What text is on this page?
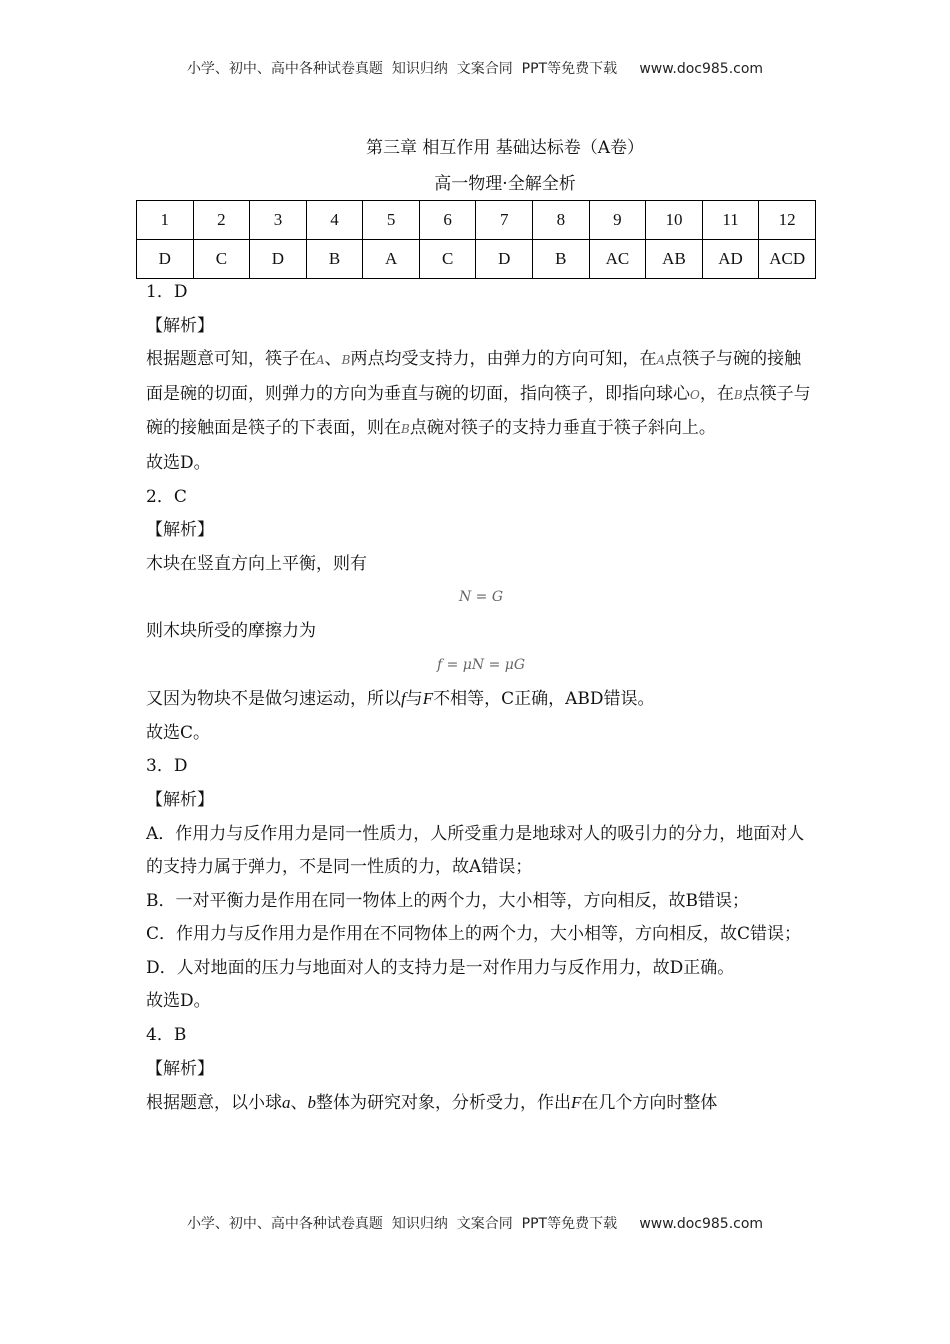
小学、初中、高中各种试卷真题  知识归纳  文案合同  PPT等免费下载     www.doc985.com
第三章 相互作用 基础达标卷（A卷）
高一物理·全解全析
1	2	3	4	5	6	7	8	9	10	11	12
D	C	D	B	A	C	D	B	AC	AB	AD	ACD

1．D

【解析】

根据题意可知，筷子在A、B两点均受支持力，由弹力的方向可知，在A点筷子与碗的接触面是碗的切面，则弹力的方向为垂直与碗的切面，指向筷子，即指向球心O，在B点筷子与碗的接触面是筷子的下表面，则在B点碗对筷子的支持力垂直于筷子斜向上。

故选D。

2．C

【解析】

木块在竖直方向上平衡，则有

N = G

则木块所受的摩擦力为

f = μN = μG

又因为物块不是做匀速运动，所以f与F不相等，C正确，ABD错误。

故选C。

3．D

【解析】

A．作用力与反作用力是同一性质力，人所受重力是地球对人的吸引力的分力，地面对人的支持力属于弹力，不是同一性质的力，故A错误；

B．一对平衡力是作用在同一物体上的两个力，大小相等，方向相反，故B错误；

C．作用力与反作用力是作用在不同物体上的两个力，大小相等，方向相反，故C错误；

D．人对地面的压力与地面对人的支持力是一对作用力与反作用力，故D正确。

故选D。

4．B

【解析】

根据题意，以小球a、b整体为研究对象，分析受力，作出F在几个方向时整体

小学、初中、高中各种试卷真题  知识归纳  文案合同  PPT等免费下载     www.doc985.com
